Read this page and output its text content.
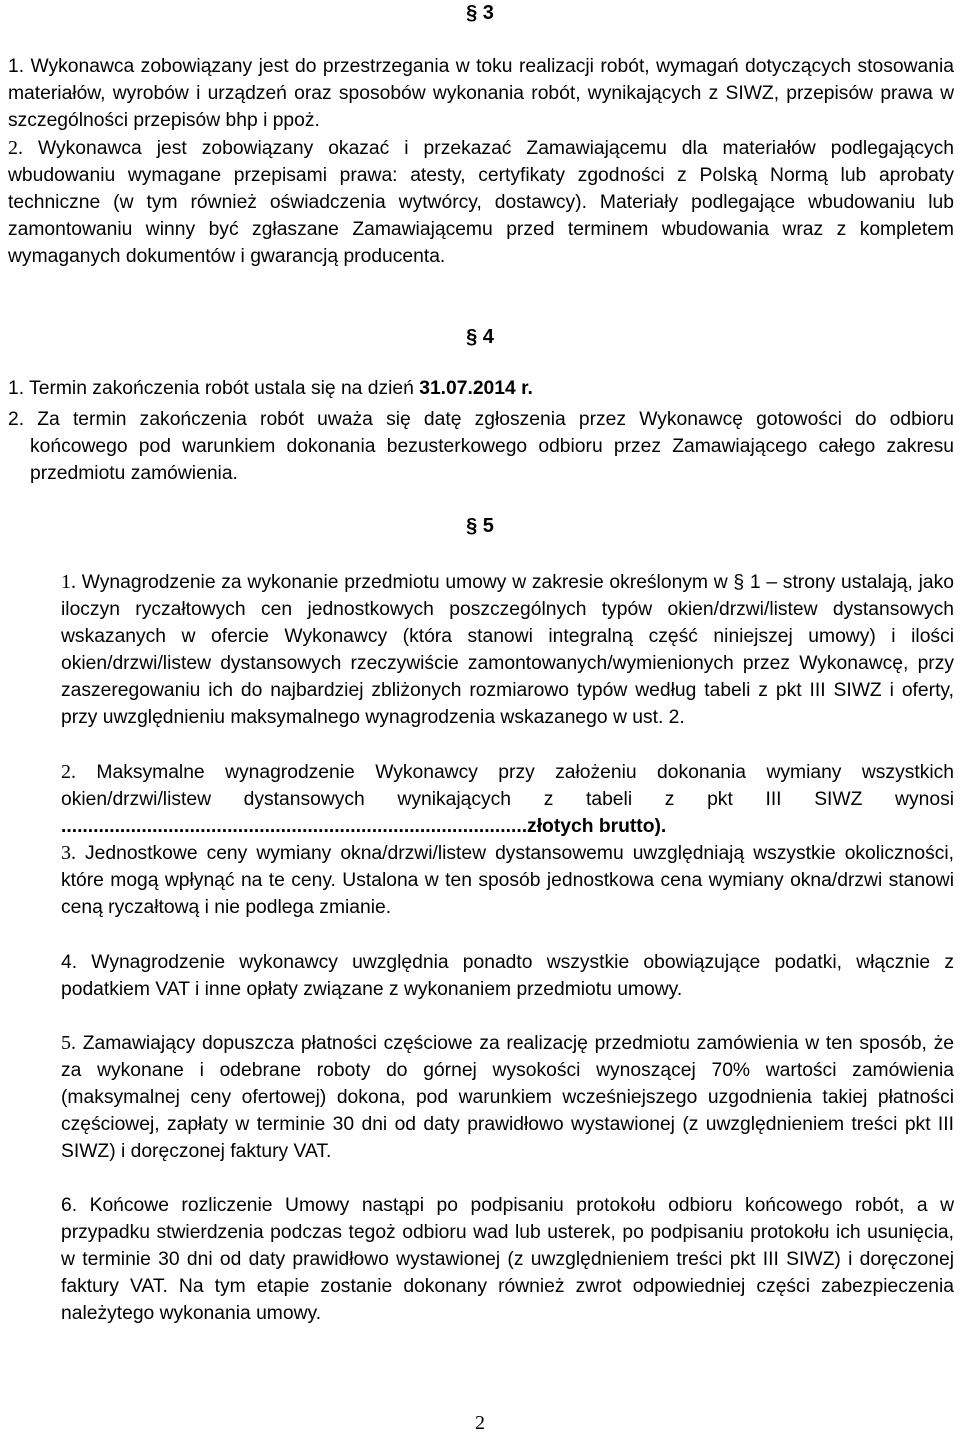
§ 3

1. Wykonawca zobowiązany jest do przestrzegania w toku realizacji robót, wymagań dotyczących stosowania materiałów, wyrobów i urządzeń oraz sposobów wykonania robót, wynikających z SIWZ, przepisów prawa w szczególności przepisów bhp i ppoż.

2. Wykonawca jest zobowiązany okazać i przekazać Zamawiającemu dla materiałów podlegających wbudowaniu wymagane przepisami prawa: atesty, certyfikaty zgodności z Polską Normą lub aprobaty techniczne (w tym również oświadczenia wytwórcy, dostawcy). Materiały podlegające wbudowaniu lub zamontowaniu winny być zgłaszane Zamawiającemu przed terminem wbudowania wraz z kompletem wymaganych dokumentów i gwarancją producenta.

§ 4

1. Termin zakończenia robót ustala się na dzień 31.07.2014 r.

2. Za termin zakończenia robót uważa się datę zgłoszenia przez Wykonawcę gotowości do odbioru końcowego pod warunkiem dokonania bezusterkowego odbioru przez Zamawiającego całego zakresu przedmiotu zamówienia.

§ 5

1. Wynagrodzenie za wykonanie przedmiotu umowy w zakresie określonym w § 1 – strony ustalają, jako iloczyn ryczałtowych cen jednostkowych poszczególnych typów okien/drzwi/listew dystansowych wskazanych w ofercie Wykonawcy (która stanowi integralną część niniejszej umowy) i ilości okien/drzwi/listew dystansowych rzeczywiście zamontowanych/wymienionych przez Wykonawcę, przy zaszeregowaniu ich do najbardziej zbliżonych rozmiarowo typów według tabeli z pkt III SIWZ i oferty, przy uwzględnieniu maksymalnego wynagrodzenia wskazanego w ust. 2.

2. Maksymalne wynagrodzenie Wykonawcy przy założeniu dokonania wymiany wszystkich okien/drzwi/listew dystansowych wynikających z tabeli z pkt III SIWZ wynosi .......................................................................................złotych brutto).

3. Jednostkowe ceny wymiany okna/drzwi/listew dystansowemu uwzględniają wszystkie okoliczności, które mogą wpłynąć na te ceny. Ustalona w ten sposób jednostkowa cena wymiany okna/drzwi stanowi ceną ryczałtową i nie podlega zmianie.

4. Wynagrodzenie wykonawcy uwzględnia ponadto wszystkie obowiązujące podatki, włącznie z podatkiem VAT i inne opłaty związane z wykonaniem przedmiotu umowy.

5. Zamawiający dopuszcza płatności częściowe za realizację przedmiotu zamówienia w ten sposób, że za wykonane i odebrane roboty do górnej wysokości wynoszącej 70% wartości zamówienia (maksymalnej ceny ofertowej) dokona, pod warunkiem wcześniejszego uzgodnienia takiej płatności częściowej, zapłaty w terminie 30 dni od daty prawidłowo wystawionej (z uwzględnieniem treści pkt III SIWZ) i doręczonej faktury VAT.

6. Końcowe rozliczenie Umowy nastąpi po podpisaniu protokołu odbioru końcowego robót, a w przypadku stwierdzenia podczas tegoż odbioru wad lub usterek, po podpisaniu protokołu ich usunięcia, w terminie 30 dni od daty prawidłowo wystawionej (z uwzględnieniem treści pkt III SIWZ) i doręczonej faktury VAT. Na tym etapie zostanie dokonany również zwrot odpowiedniej części zabezpieczenia należytego wykonania umowy.

2
